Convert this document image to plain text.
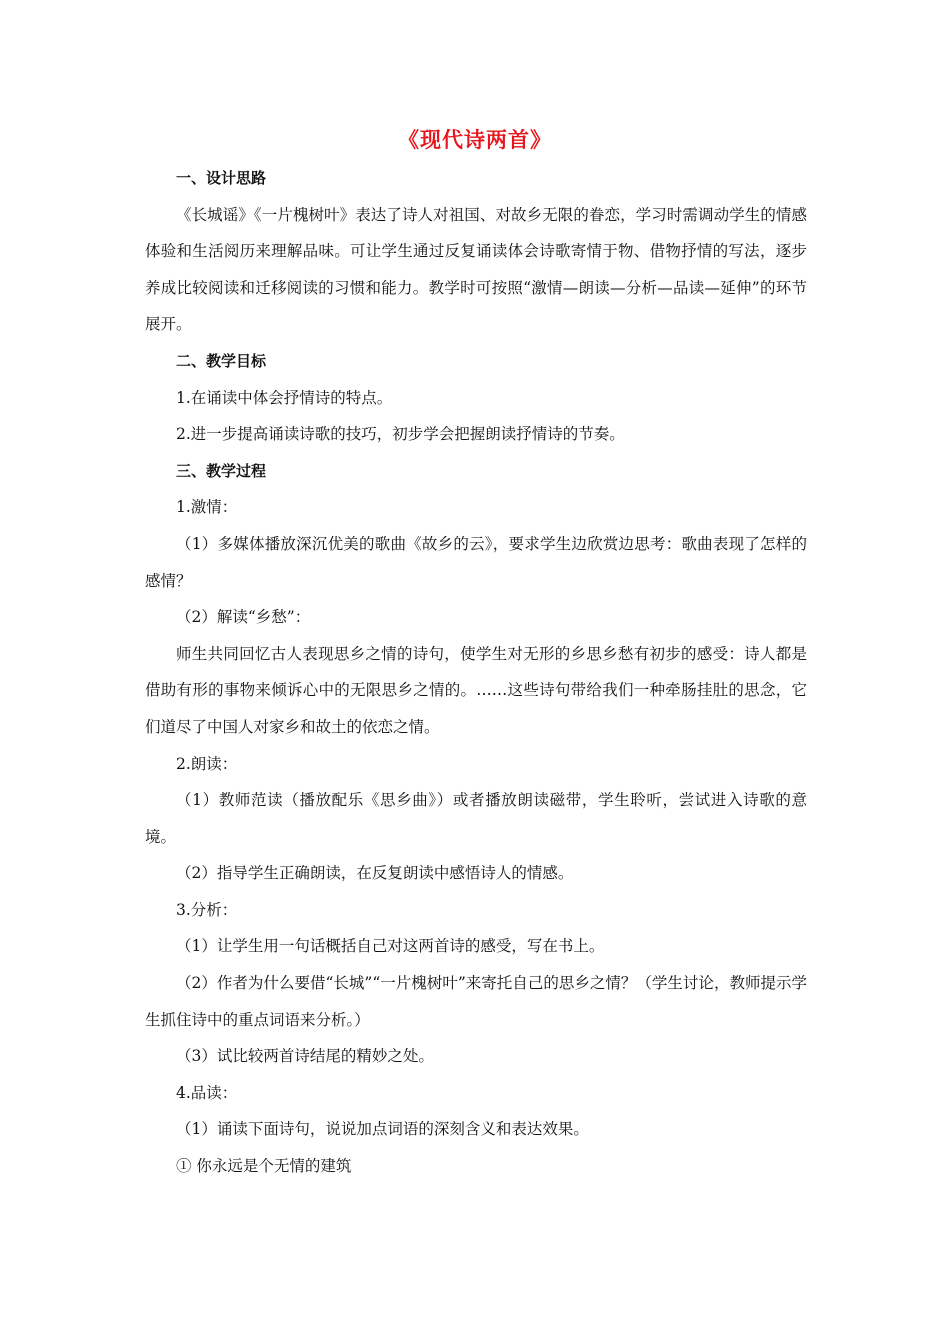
《现代诗两首》

一、设计思路

《长城谣》《一片槐树叶》表达了诗人对祖国、对故乡无限的眷恋，学习时需调动学生的情感体验和生活阅历来理解品味。可让学生通过反复诵读体会诗歌寄情于物、借物抒情的写法，逐步养成比较阅读和迁移阅读的习惯和能力。教学时可按照“激情—朗读—分析—品读—延伸”的环节展开。

二、教学目标

1.在诵读中体会抒情诗的特点。

2.进一步提高诵读诗歌的技巧，初步学会把握朗读抒情诗的节奏。

三、教学过程

1.激情：

（1）多媒体播放深沉优美的歌曲《故乡的云》，要求学生边欣赏边思考：歌曲表现了怎样的感情？

（2）解读“乡愁”：

师生共同回忆古人表现思乡之情的诗句，使学生对无形的乡思乡愁有初步的感受：诗人都是借助有形的事物来倾诉心中的无限思乡之情的。……这些诗句带给我们一种牵肠挂肚的思念，它们道尽了中国人对家乡和故土的依恋之情。

2.朗读：

（1）教师范读（播放配乐《思乡曲》）或者播放朗读磁带，学生聆听，尝试进入诗歌的意境。

（2）指导学生正确朗读，在反复朗读中感悟诗人的情感。

3.分析：

（1）让学生用一句话概括自己对这两首诗的感受，写在书上。

（2）作者为什么要借“长城”“一片槐树叶”来寄托自己的思乡之情？（学生讨论，教师提示学生抓住诗中的重点词语来分析。）

（3）试比较两首诗结尾的精妙之处。

4.品读：

（1）诵读下面诗句，说说加点词语的深刻含义和表达效果。

① 你永远是个无情的建筑
